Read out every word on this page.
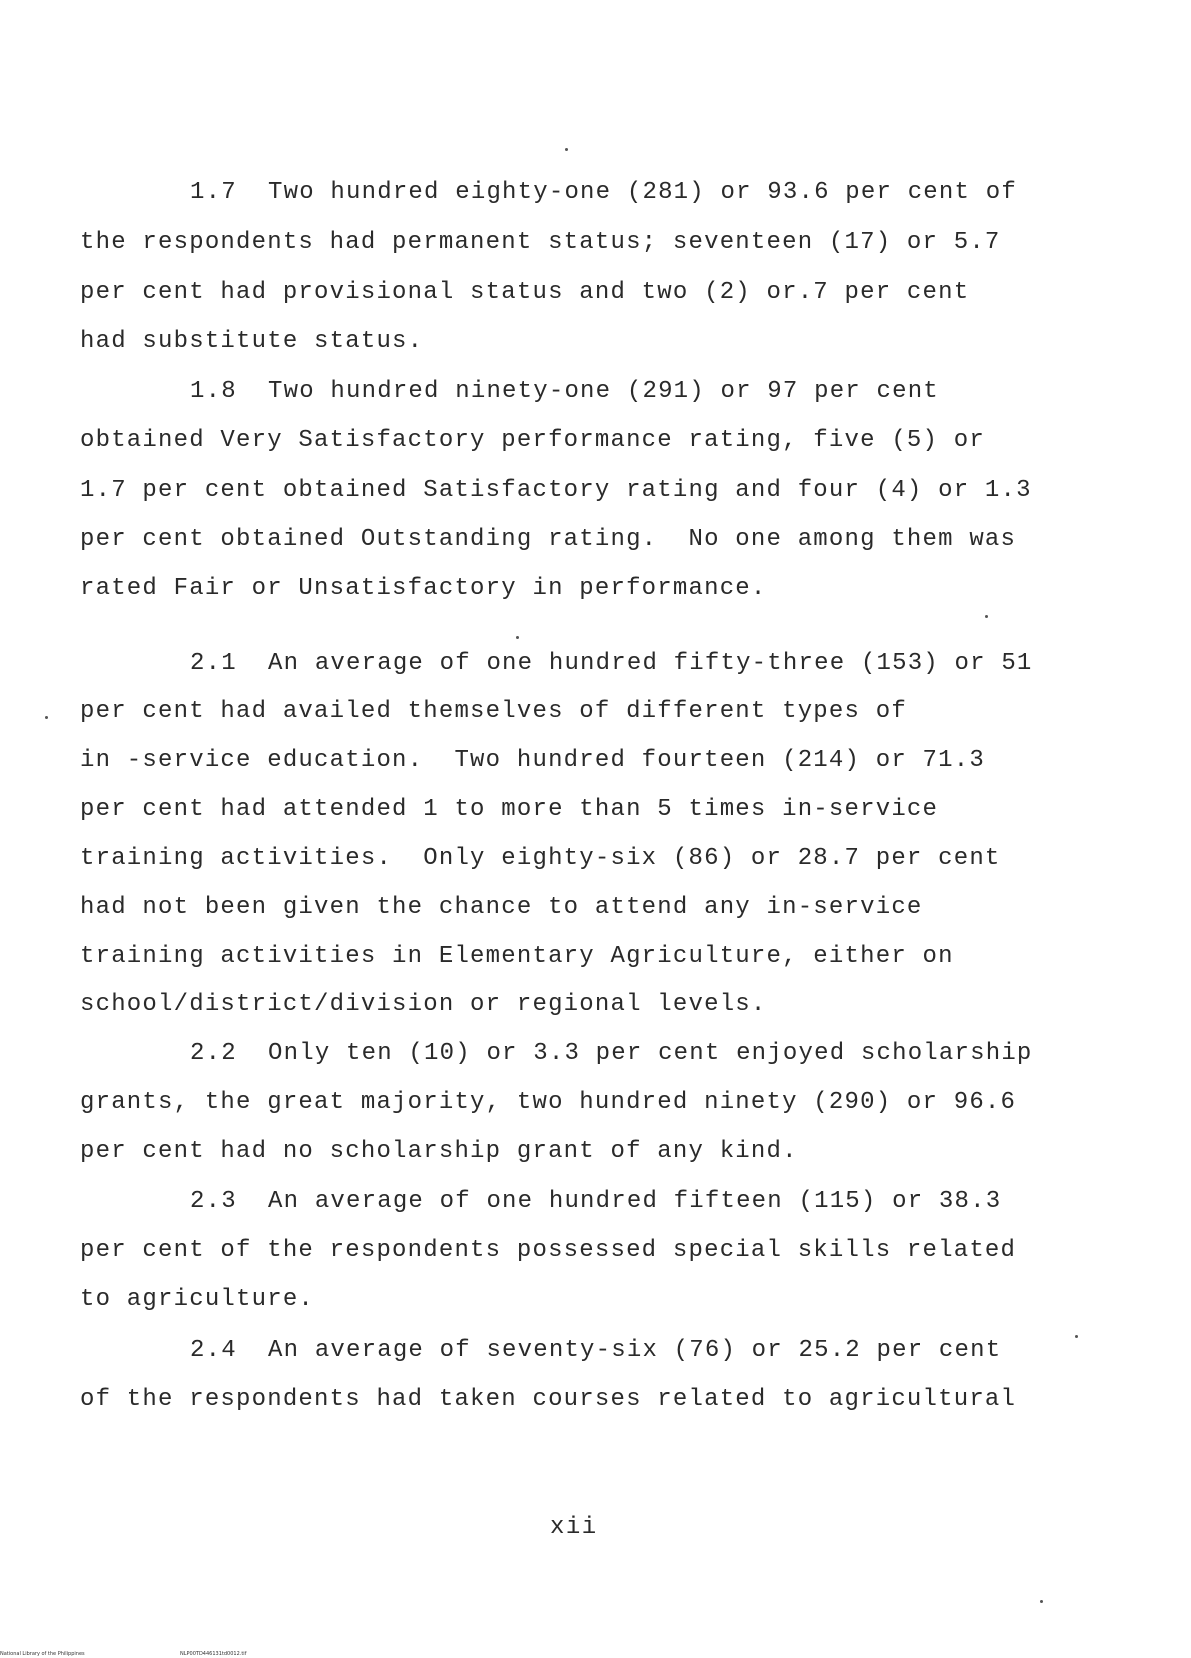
1.7  Two hundred eighty-one (281) or 93.6 per cent of
the respondents had permanent status; seventeen (17) or 5.7
per cent had provisional status and two (2) or.7 per cent
had substitute status.
1.8  Two hundred ninety-one (291) or 97 per cent
obtained Very Satisfactory performance rating, five (5) or
1.7 per cent obtained Satisfactory rating and four (4) or 1.3
per cent obtained Outstanding rating.  No one among them was
rated Fair or Unsatisfactory in performance.
2.1  An average of one hundred fifty-three (153) or 51
per cent had availed themselves of different types of
in -service education.  Two hundred fourteen (214) or 71.3
per cent had attended 1 to more than 5 times in-service
training activities.  Only eighty-six (86) or 28.7 per cent
had not been given the chance to attend any in-service
training activities in Elementary Agriculture, either on
school/district/division or regional levels.
2.2  Only ten (10) or 3.3 per cent enjoyed scholarship
grants, the great majority, two hundred ninety (290) or 96.6
per cent had no scholarship grant of any kind.
2.3  An average of one hundred fifteen (115) or 38.3
per cent of the respondents possessed special skills related
to agriculture.
2.4  An average of seventy-six (76) or 25.2 per cent
of the respondents had taken courses related to agricultural
xii

National Library of the Philippines

	NLP00TD446131td0012.tif
